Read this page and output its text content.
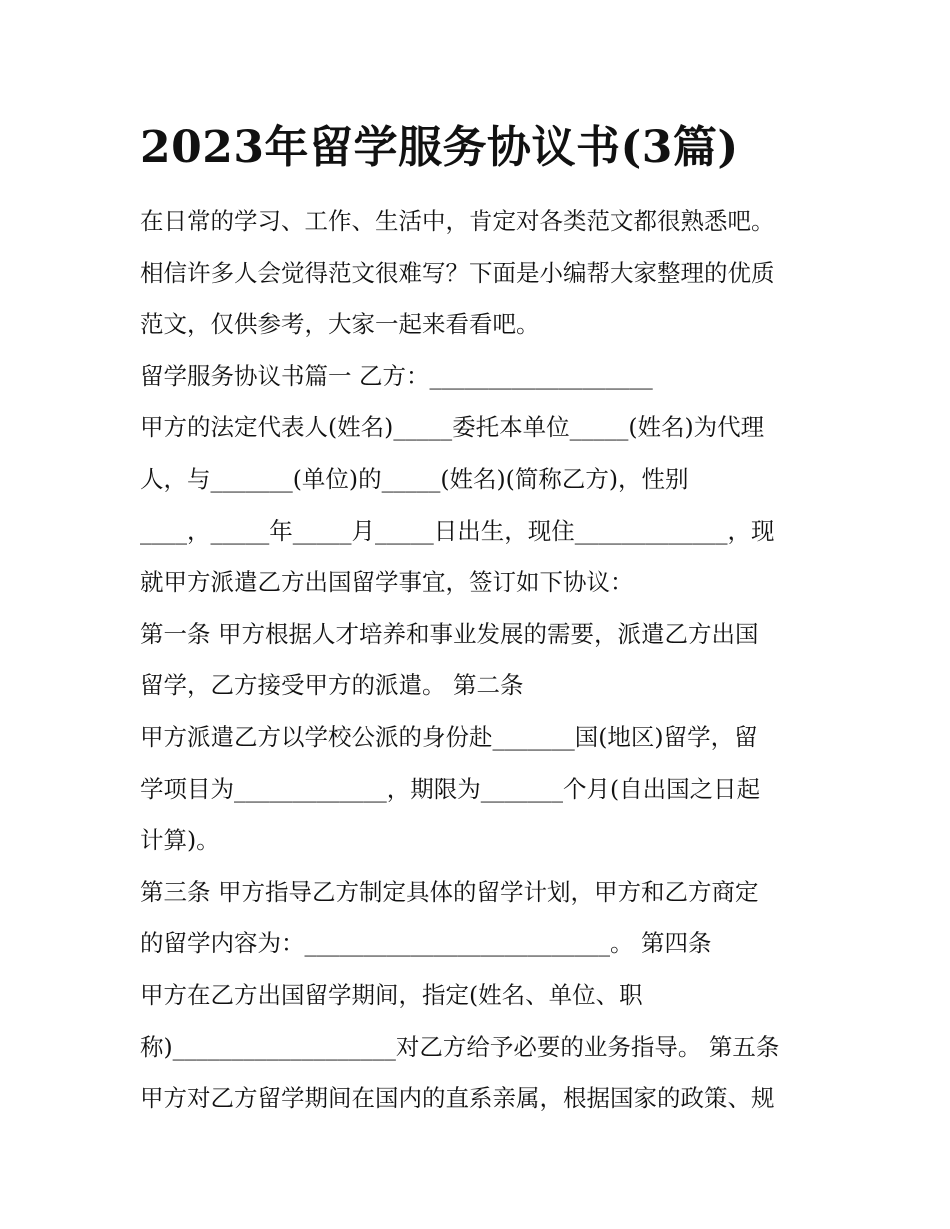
2023年留学服务协议书(3篇)
在日常的学习、工作、生活中，肯定对各类范文都很熟悉吧。
相信许多人会觉得范文很难写？下面是小编帮大家整理的优质
范文，仅供参考，大家一起来看看吧。
留学服务协议书篇一 乙方：___________________
甲方的法定代表人(姓名)_____委托本单位_____(姓名)为代理
人，与_______(单位)的_____(姓名)(简称乙方)，性别
____，_____年_____月_____日出生，现住_____________，现
就甲方派遣乙方出国留学事宜，签订如下协议：
第一条 甲方根据人才培养和事业发展的需要，派遣乙方出国
留学，乙方接受甲方的派遣。 第二条
甲方派遣乙方以学校公派的身份赴_______国(地区)留学，留
学项目为_____________，期限为_______个月(自出国之日起
计算)。
第三条 甲方指导乙方制定具体的留学计划，甲方和乙方商定
的留学内容为：__________________________。 第四条
甲方在乙方出国留学期间，指定(姓名、单位、职
称)___________________对乙方给予必要的业务指导。 第五条
甲方对乙方留学期间在国内的直系亲属，根据国家的政策、规
